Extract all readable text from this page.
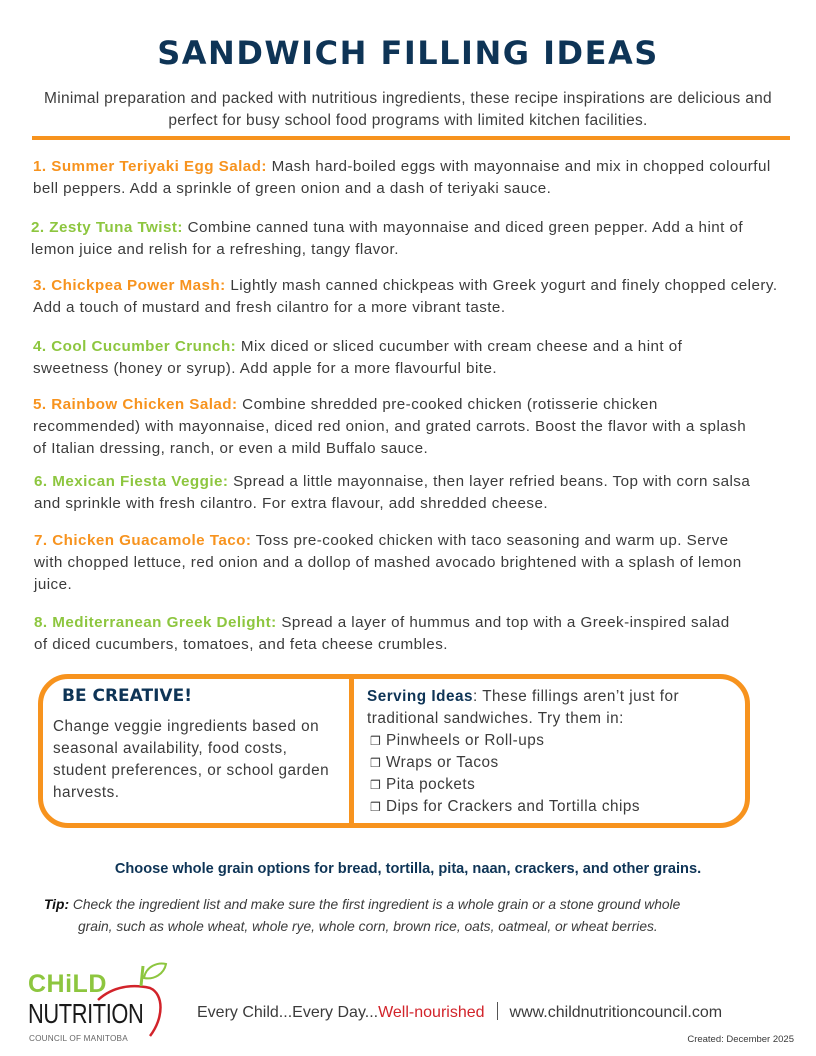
SANDWICH FILLING IDEAS
Minimal preparation and packed with nutritious ingredients, these recipe inspirations are delicious and perfect for busy school food programs with limited kitchen facilities.
1. Summer Teriyaki Egg Salad: Mash hard-boiled eggs with mayonnaise and mix in chopped colourful bell peppers. Add a sprinkle of green onion and a dash of teriyaki sauce.
2. Zesty Tuna Twist: Combine canned tuna with mayonnaise and diced green pepper. Add a hint of lemon juice and relish for a refreshing, tangy flavor.
3. Chickpea Power Mash: Lightly mash canned chickpeas with Greek yogurt and finely chopped celery. Add a touch of mustard and fresh cilantro for a more vibrant taste.
4. Cool Cucumber Crunch: Mix diced or sliced cucumber with cream cheese and a hint of sweetness (honey or syrup). Add apple for a more flavourful bite.
5. Rainbow Chicken Salad: Combine shredded pre-cooked chicken (rotisserie chicken recommended) with mayonnaise, diced red onion, and grated carrots. Boost the flavor with a splash of Italian dressing, ranch, or even a mild Buffalo sauce.
6. Mexican Fiesta Veggie: Spread a little mayonnaise, then layer refried beans. Top with corn salsa and sprinkle with fresh cilantro. For extra flavour, add shredded cheese.
7. Chicken Guacamole Taco: Toss pre-cooked chicken with taco seasoning and warm up. Serve with chopped lettuce, red onion and a dollop of mashed avocado brightened with a splash of lemon juice.
8. Mediterranean Greek Delight: Spread a layer of hummus and top with a Greek-inspired salad of diced cucumbers, tomatoes, and feta cheese crumbles.
BE CREATIVE!
Change veggie ingredients based on seasonal availability, food costs, student preferences, or school garden harvests.
Serving Ideas: These fillings aren’t just for traditional sandwiches. Try them in:
❒ Pinwheels or Roll-ups
❒ Wraps or Tacos
❒ Pita pockets
❒ Dips for Crackers and Tortilla chips
Choose whole grain options for bread, tortilla, pita, naan, crackers, and other grains.
Tip: Check the ingredient list and make sure the first ingredient is a whole grain or a stone ground whole
grain, such as whole wheat, whole rye, whole corn, brown rice, oats, oatmeal, or wheat berries.
CHiLD
NUTRITION
COUNCIL OF MANITOBA
Every Child...Every Day...Well-nourished www.childnutritioncouncil.com
Created: December 2025
